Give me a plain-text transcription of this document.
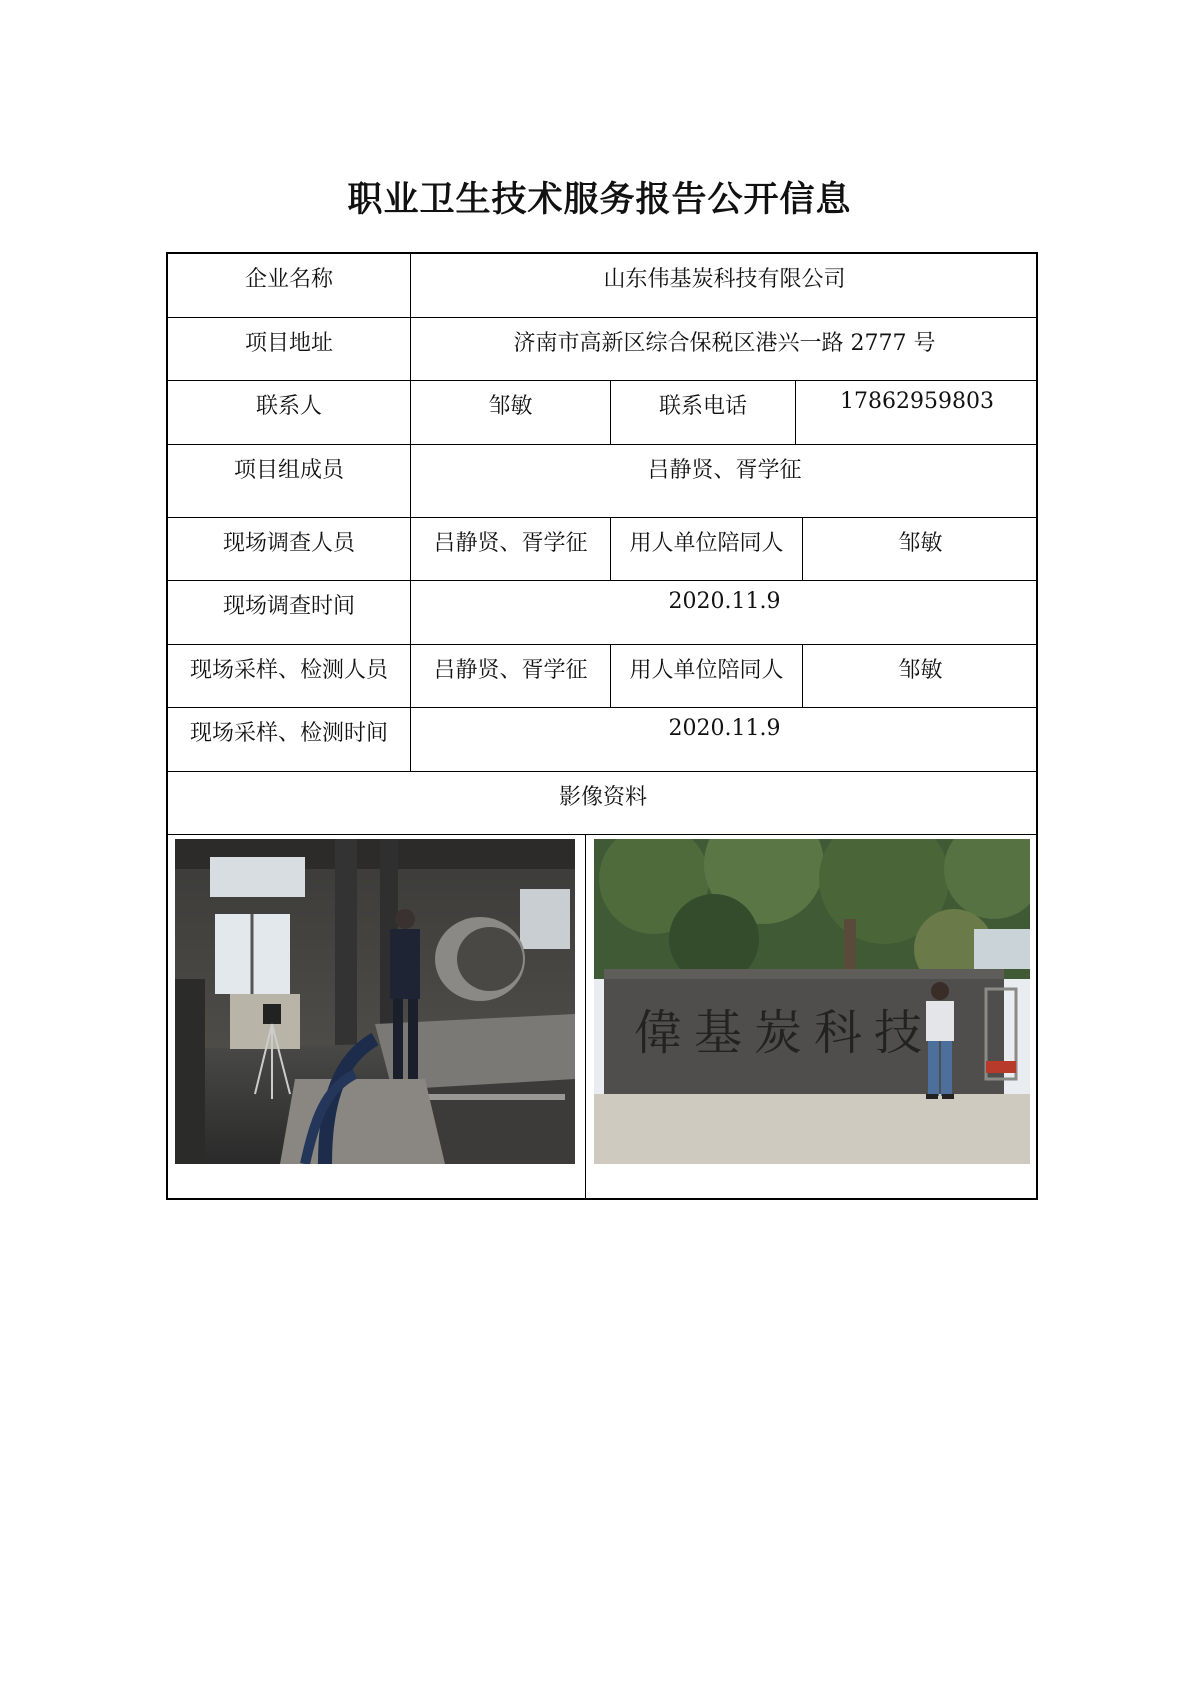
职业卫生技术服务报告公开信息
企业名称	山东伟基炭科技有限公司
项目地址	济南市高新区综合保税区港兴一路 2777 号
联系人	邹敏	联系电话	17862959803
项目组成员	吕静贤、胥学征
现场调查人员	吕静贤、胥学征	用人单位陪同人	邹敏
现场调查时间	2020.11.9
现场采样、检测人员	吕静贤、胥学征	用人单位陪同人	邹敏
现场采样、检测时间	2020.11.9
影像资料
偉基炭科技
